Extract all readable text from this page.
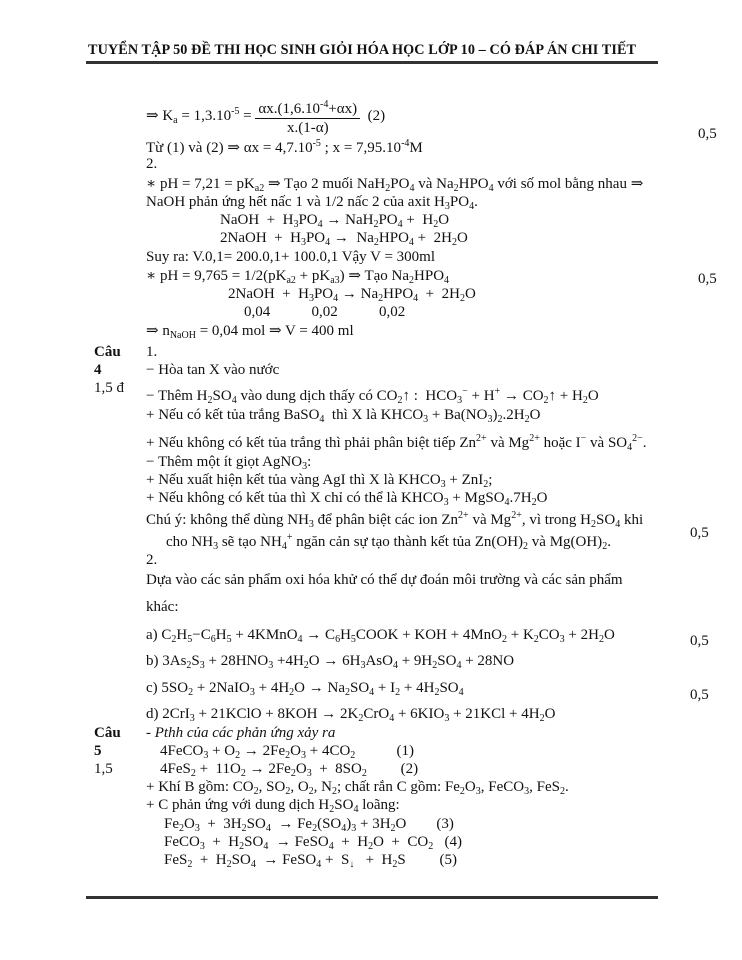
TUYỂN TẬP 50 ĐỀ THI HỌC SINH GIỎI HÓA HỌC LỚP 10 – CÓ ĐÁP ÁN CHI TIẾT
⇒ $K_a = 1,3.10^{-5} = \frac{\alpha x.(1,6.10^{-4}+\alpha x)}{x.(1-\alpha)} (2)$
Từ (1) và (2) ⇒ $\alpha x = 4,7.10^{-5}$ ; $x = 7,95.10^{-4}M$
2.
∗ pH = $7,21 = pK_{a2}$ ⇒ Tạo 2 muối $NaH_2PO_4$ và $Na_2HPO_4$ với số mol bằng nhau ⇒
NaOH phản ứng hết nấc 1 và 1/2 nấc 2 của axit $H_3PO_4$.
NaOH  +  $H_3PO_4 \to NaH_2PO_4 + H_2O$
2NaOH  +  $H_3PO_4 \to Na_2HPO_4 + 2H_2O$
Suy ra: V.0,1= 200.0,1+ 100.0,1 Vậy V = 300ml
∗ pH = $9,765 = 1/2(pK_{a2} + pK_{a3})$ ⇒ Tạo $Na_2HPO_4$
2NaOH  +  $H_3PO_4 \to Na_2HPO_4 + 2H_2O$
0,04           0,02           0,02
⇒ $n_{NaOH} = 0,04$ mol ⇒ V = 400 ml
Câu
4
1,5 đ
1.
− Hòa tan X vào nước
− Thêm $H_2SO_4$ vào dung dịch thấy có $CO_2↑$ :  $HCO_3^- + H^+$ → $CO_2↑ + H_2O$
+ Nếu có kết tủa trắng BaSO$_4$  thì X là $KHCO_3 + Ba(NO_3)_2.2H_2O$
+ Nếu không có kết tủa trắng thì phải phân biệt tiếp $Zn^{2+}$ và $Mg^{2+}$ hoặc I− và $SO_4^{2-}$.
− Thêm một ít giọt AgNO$_3$:
+ Nếu xuất hiện kết tủa vàng AgI thì X là $KHCO_3 + ZnI_2$;
+ Nếu không có kết tủa thì X chỉ có thể là $KHCO_3$ + $MgSO_4.7H_2O$
Chú ý: không thể dùng $NH_3$ để phân biệt các ion $Zn^{2+}$ và $Mg^{2+}$, vì trong $H_2SO_4$ khi
cho $NH_3$ sẽ tạo $NH_4^+$ ngăn cản sự tạo thành kết tủa $Zn(OH)_2$ và $Mg(OH)_2$.
2.
Dựa vào các sản phẩm oxi hóa khử có thể dự đoán môi trường và các sản phẩm
khác:
a) $C_2H_5-C_6H_5$ + 4KMnO$_4$ → $C_6H_5COOK$ + KOH + $4MnO_2 + K_2CO_3 + 2H_2O$
b) $3As_2S_3 + 28HNO_3 +4H_2O \to 6H_3AsO_4 + 9H_2SO_4 + 28NO$
c) $5SO_2$ + 2NaIO$_3$ + $4H_2O \to Na_2SO_4 + I_2 + 4H_2SO_4$
d) 2CrI$_3$ + 21KClO + $8KOH \to 2K_2CrO_4 + 6KIO_3 + 21KCl + 4H_2O$
Câu
5
1,5
- Pthh của các phản ứng xảy ra
4FeCO$_3$ + $O_2 \to 2Fe_2O_3 + 4CO_2$           (1)
$4FeS_2 + 11O_2 \to 2Fe_2O_3 + 8SO_2$         (2)
+ Khí B gồm: $CO_2$, $SO_2$, $O_2$, $N_2$; chất rắn C gồm: $Fe_2O_3$, FeCO$_3$, FeS$_2$.
+ C phản ứng với dung dịch $H_2SO_4$ loãng:
$Fe_2O_3 + 3H_2SO_4 \to Fe_2(SO_4)_3 + 3H_2O$        (3)
FeCO$_3$  +  $H_2SO_4$  → FeSO$_4$  +  $H_2O + CO_2$   (4)
$FeS_2 + H_2SO_4$  → FeSO$_4$ +  $S_↓ + H_2S$         (5)
0,5
0,5
0,5
0,5
0,5
